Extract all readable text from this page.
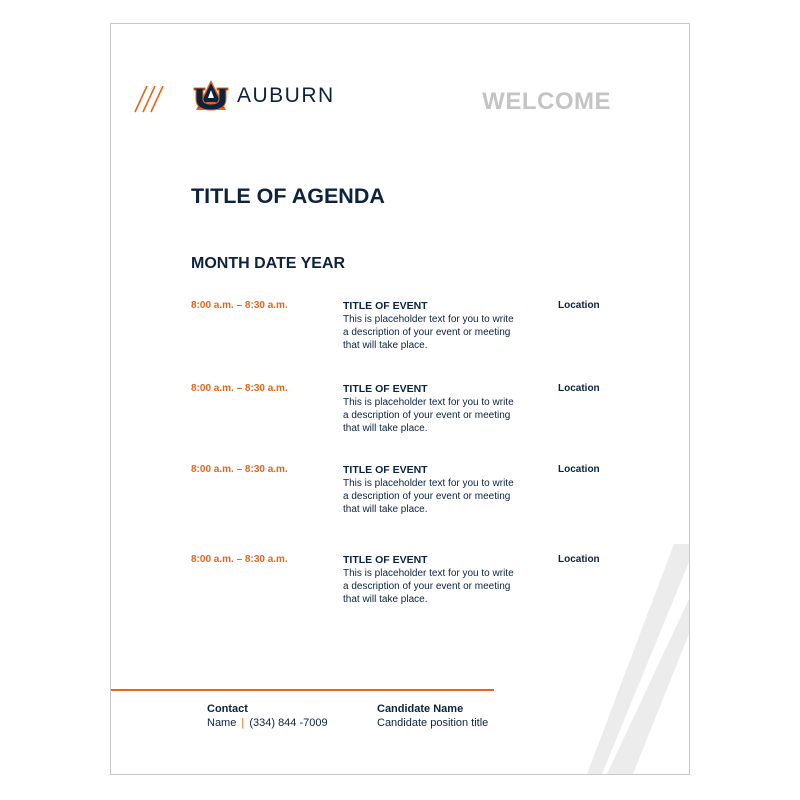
AUBURN	WELCOME
TITLE OF AGENDA
MONTH DATE YEAR
8:00 a.m. – 8:30 a.m.	TITLE OF EVENT
This is placeholder text for you to write a description of your event or meeting that will take place.
Location
8:00 a.m. – 8:30 a.m.	TITLE OF EVENT
This is placeholder text for you to write a description of your event or meeting that will take place.
Location
8:00 a.m. – 8:30 a.m.	TITLE OF EVENT
This is placeholder text for you to write a description of your event or meeting that will take place.
Location
8:00 a.m. – 8:30 a.m.	TITLE OF EVENT
This is placeholder text for you to write a description of your event or meeting that will take place.
Location
Contact
Name | (334) 844 -7009
Candidate Name
Candidate position title
